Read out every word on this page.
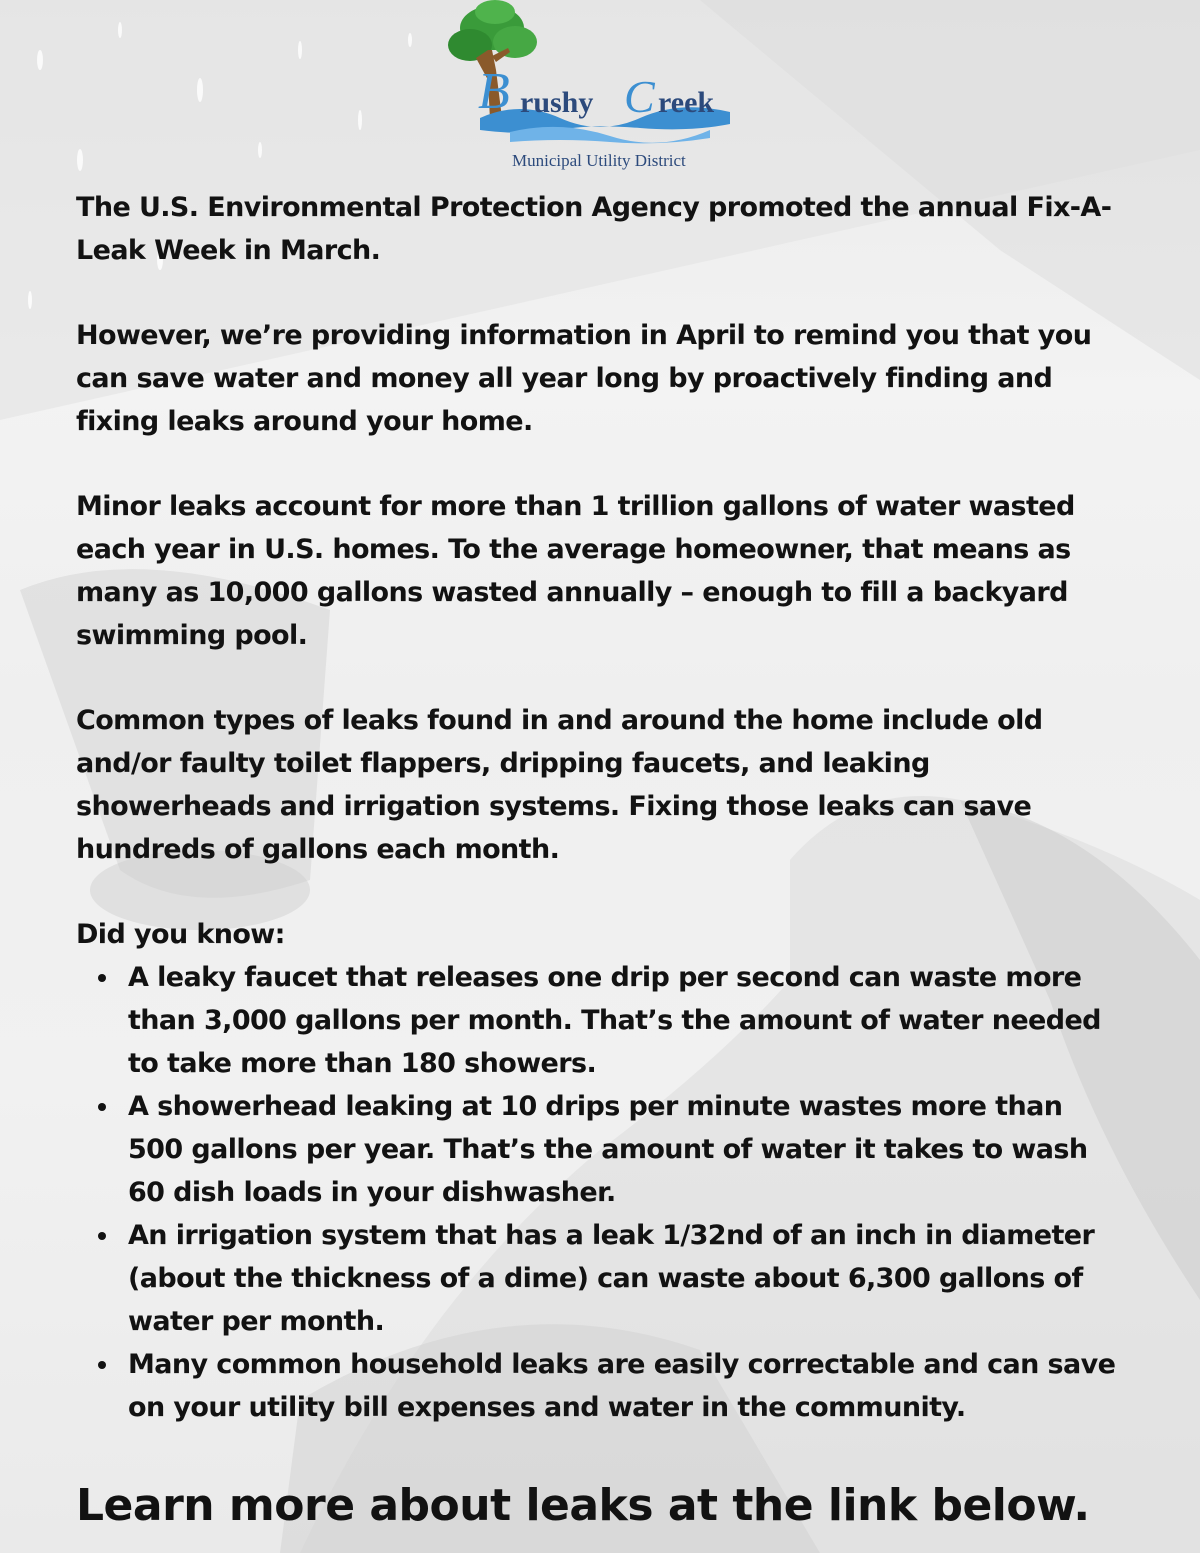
B rushy C reek
Municipal Utility District

The U.S. Environmental Protection Agency promoted the annual Fix-A-Leak Week in March.

However, we’re providing information in April to remind you that you can save water and money all year long by proactively finding and fixing leaks around your home.

Minor leaks account for more than 1 trillion gallons of water wasted each year in U.S. homes. To the average homeowner, that means as many as 10,000 gallons wasted annually – enough to fill a backyard swimming pool.

Common types of leaks found in and around the home include old and/or faulty toilet flappers, dripping faucets, and leaking showerheads and irrigation systems. Fixing those leaks can save hundreds of gallons each month.

Did you know:

A leaky faucet that releases one drip per second can waste more than 3,000 gallons per month. That’s the amount of water needed to take more than 180 showers.
A showerhead leaking at 10 drips per minute wastes more than 500 gallons per year. That’s the amount of water it takes to wash 60 dish loads in your dishwasher.
An irrigation system that has a leak 1/32nd of an inch in diameter (about the thickness of a dime) can waste about 6,300 gallons of water per month.
Many common household leaks are easily correctable and can save on your utility bill expenses and water in the community.
Learn more about leaks at the link below.
